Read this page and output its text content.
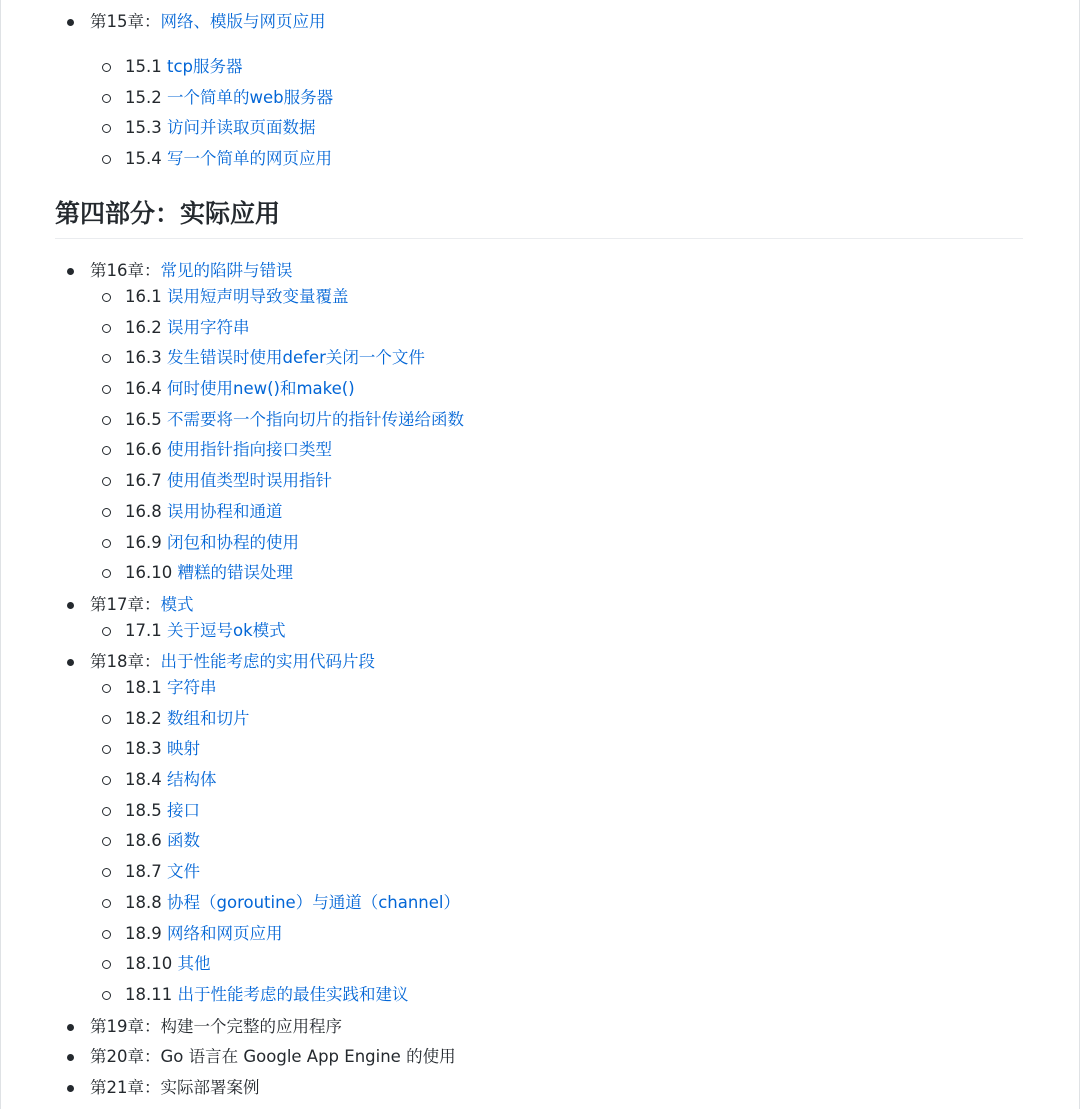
第15章：网络、模版与网页应用
15.1 tcp服务器
15.2 一个简单的web服务器
15.3 访问并读取页面数据
15.4 写一个简单的网页应用
第四部分：实际应用
第16章：常见的陷阱与错误
16.1 误用短声明导致变量覆盖
16.2 误用字符串
16.3 发生错误时使用defer关闭一个文件
16.4 何时使用new()和make()
16.5 不需要将一个指向切片的指针传递给函数
16.6 使用指针指向接口类型
16.7 使用值类型时误用指针
16.8 误用协程和通道
16.9 闭包和协程的使用
16.10 糟糕的错误处理
第17章：模式
17.1 关于逗号ok模式
第18章：出于性能考虑的实用代码片段
18.1 字符串
18.2 数组和切片
18.3 映射
18.4 结构体
18.5 接口
18.6 函数
18.7 文件
18.8 协程（goroutine）与通道（channel）
18.9 网络和网页应用
18.10 其他
18.11 出于性能考虑的最佳实践和建议
第19章：构建一个完整的应用程序
第20章：Go 语言在 Google App Engine 的使用
第21章：实际部署案例
